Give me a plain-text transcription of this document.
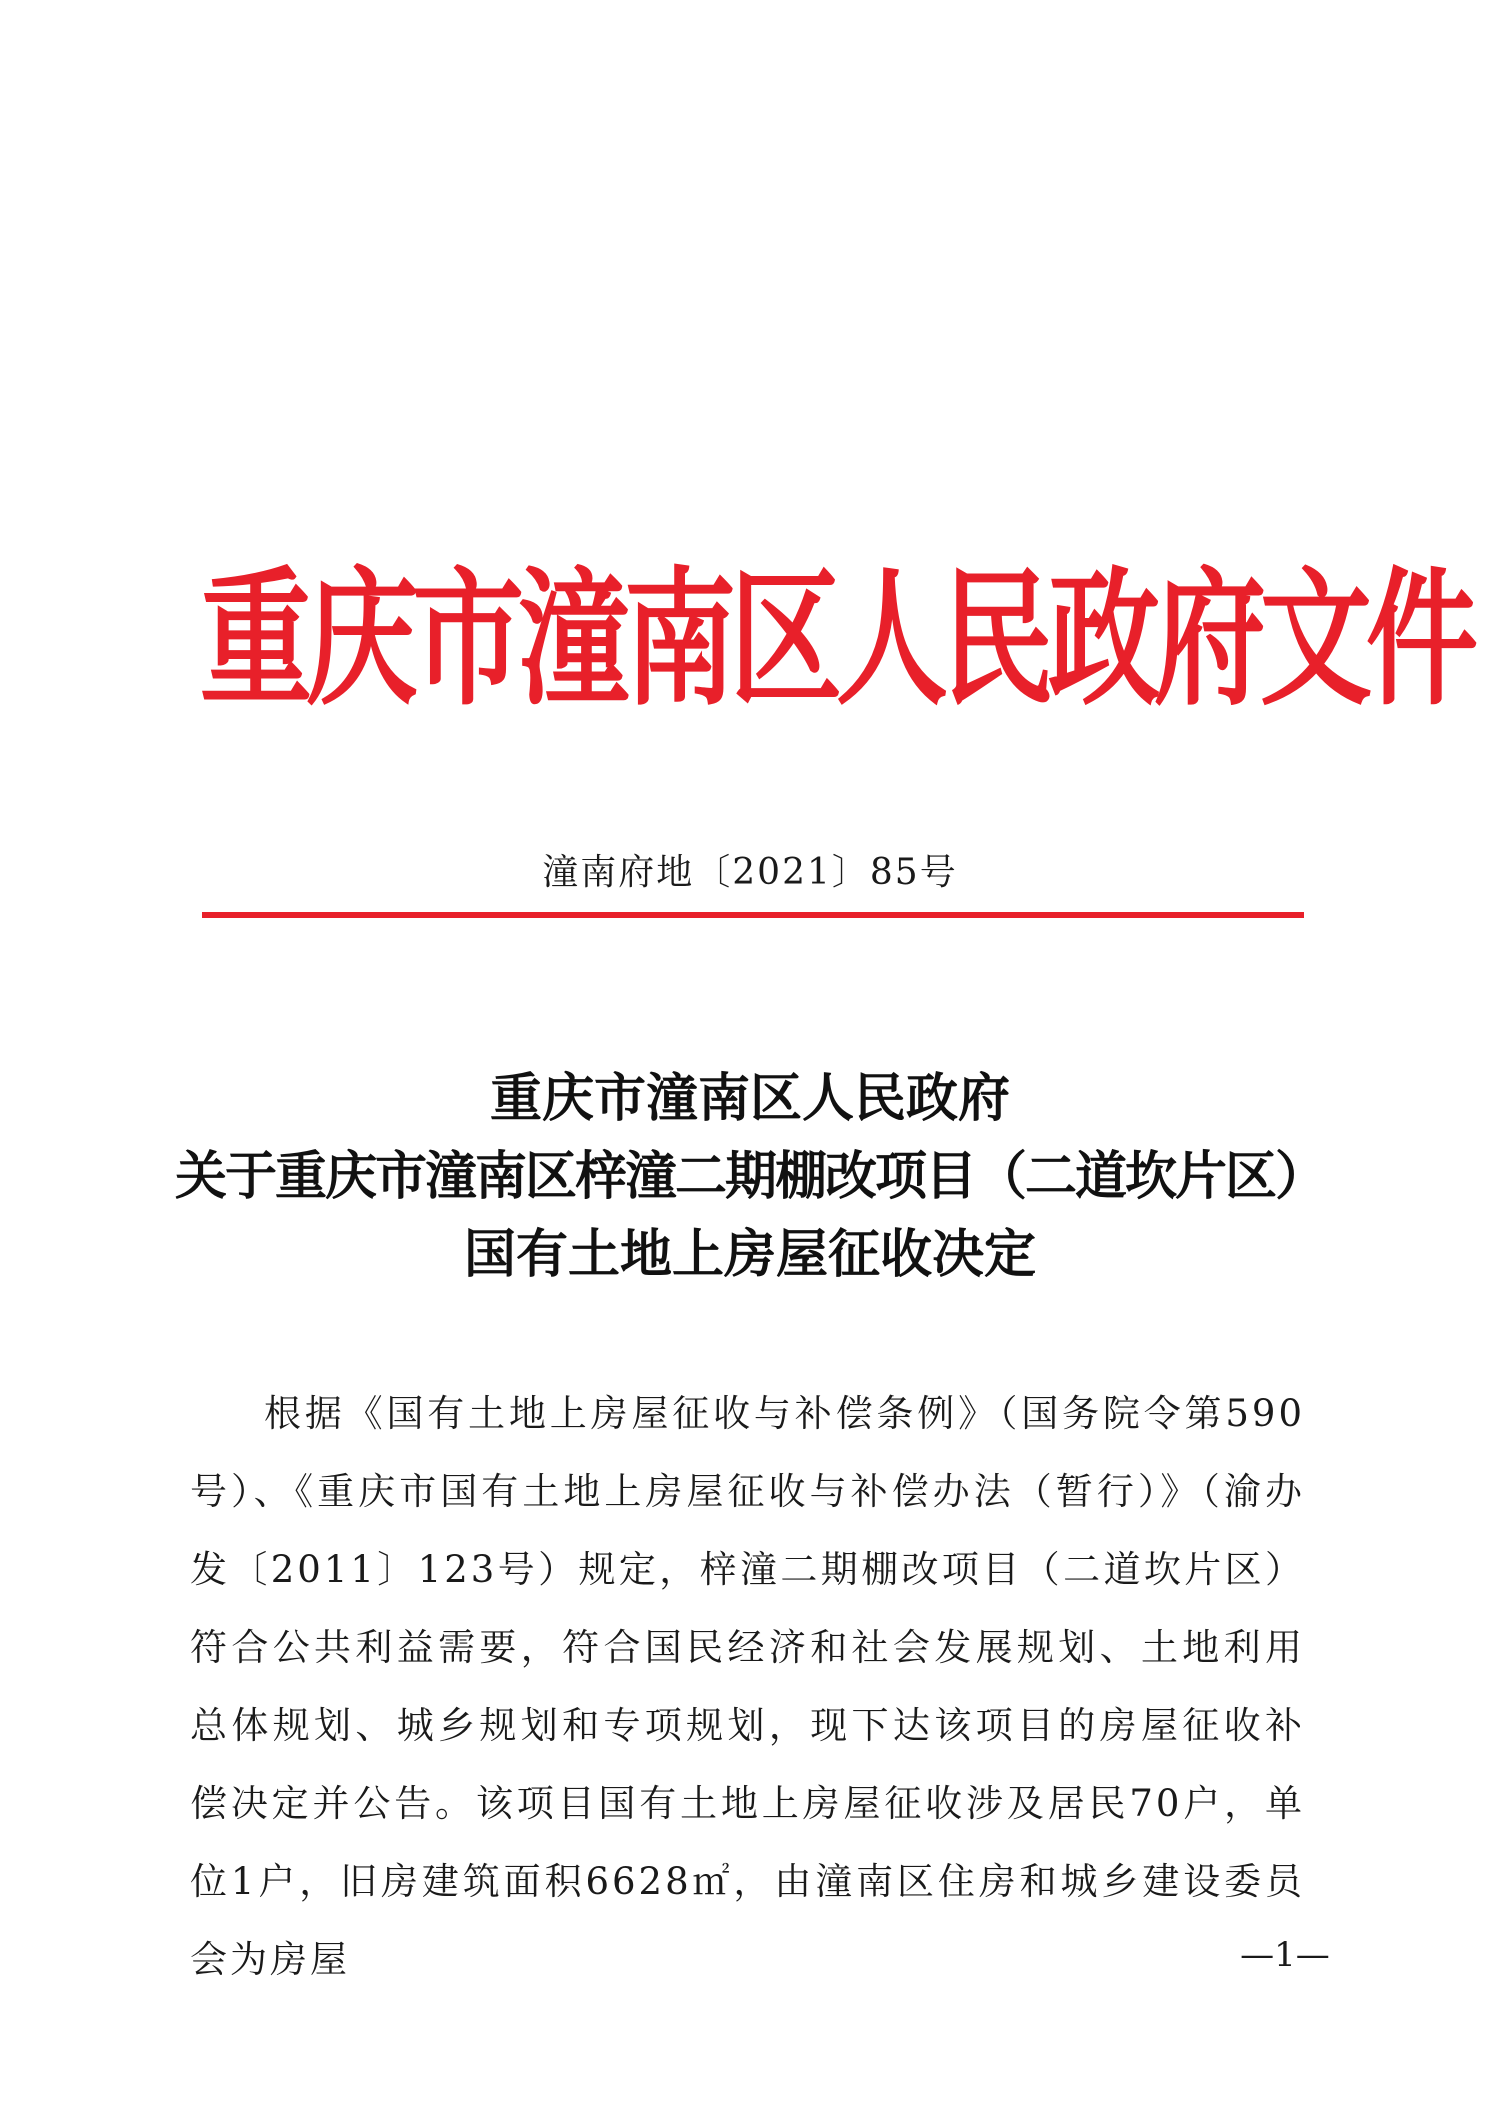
重庆市潼南区人民政府文件
潼南府地〔2021〕85号
重庆市潼南区人民政府
关于重庆市潼南区梓潼二期棚改项目（二道坎片区）
国有土地上房屋征收决定
根据《国有土地上房屋征收与补偿条例》（国务院令第590号）、《重庆市国有土地上房屋征收与补偿办法（暂行）》（渝办发〔2011〕123号）规定，梓潼二期棚改项目（二道坎片区）符合公共利益需要，符合国民经济和社会发展规划、土地利用总体规划、城乡规划和专项规划，现下达该项目的房屋征收补偿决定并公告。该项目国有土地上房屋征收涉及居民70户，单位1户，旧房建筑面积6628㎡，由潼南区住房和城乡建设委员会为房屋	—1—
